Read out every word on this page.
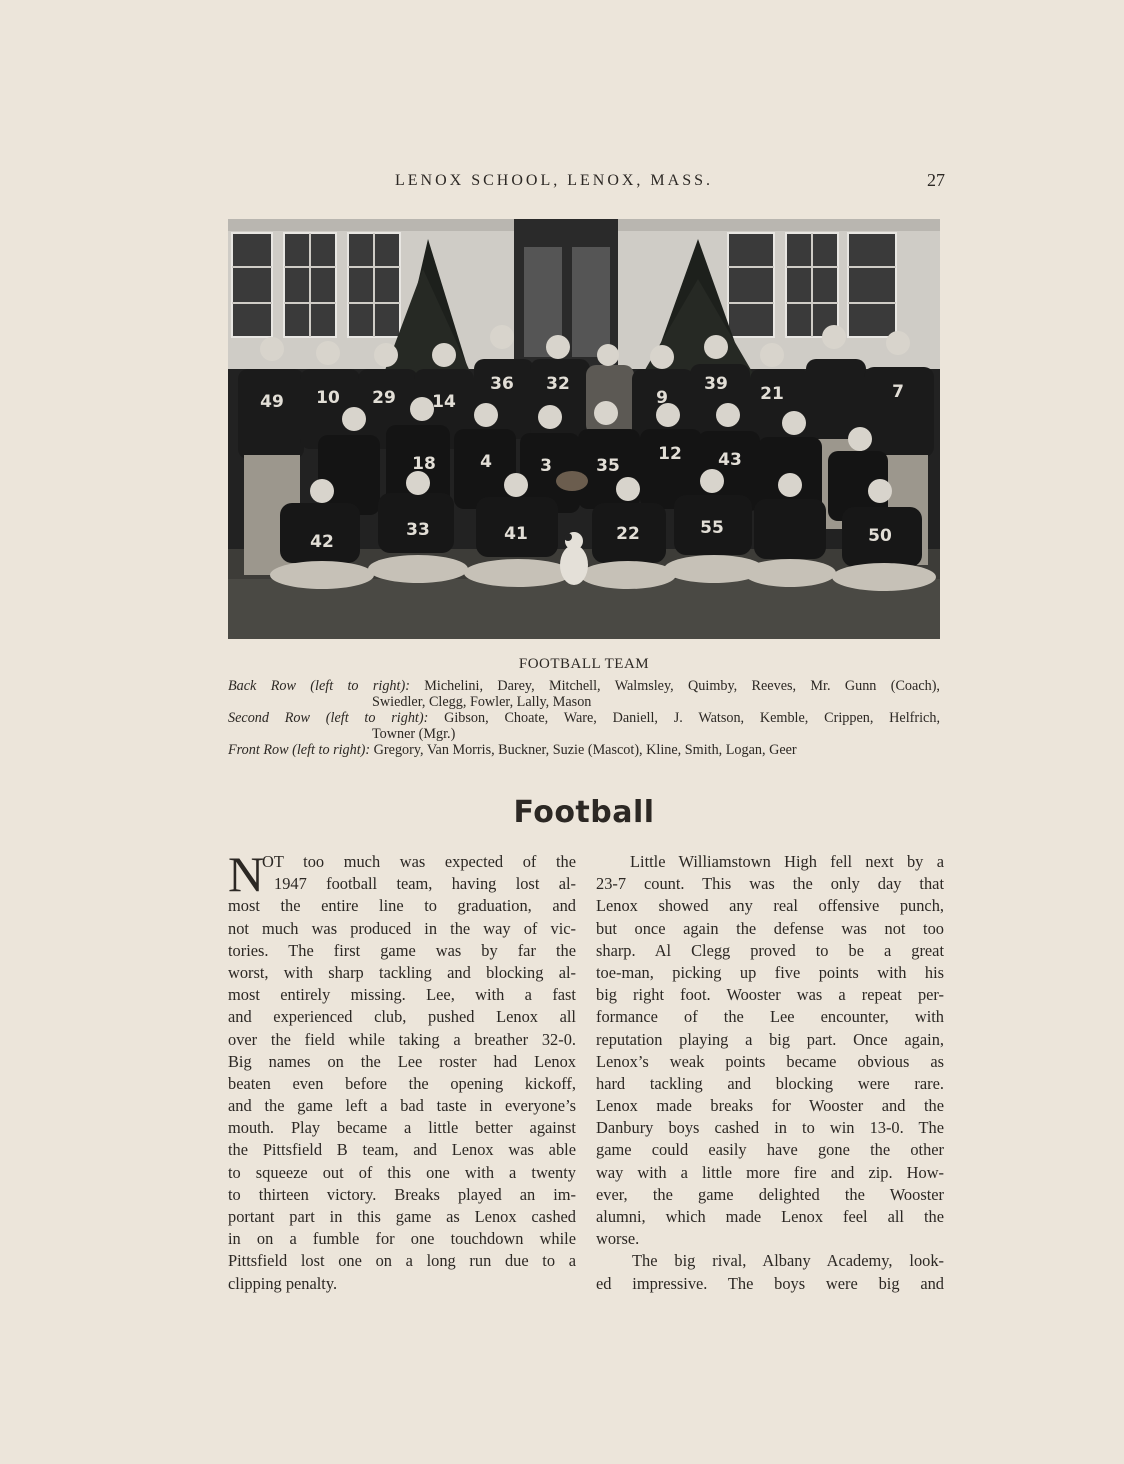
LENOX SCHOOL, LENOX, MASS.	27
49 10 29 14
36 32
9
39 21	7
18	4	3	35
12 43
42
33	41	22	55	50
FOOTBALL TEAM
Back Row (left to right): Michelini, Darey, Mitchell, Walmsley, Quimby, Reeves, Mr. Gunn (Coach),
Swiedler, Clegg, Fowler, Lally, Mason
Second Row (left to right): Gibson, Choate, Ware, Daniell, J. Watson, Kemble, Crippen, Helfrich,
Towner (Mgr.)
Front Row (left to right): Gregory, Van Morris, Buckner, Suzie (Mascot), Kline, Smith, Logan, Geer
Football
N
OT too much was expected of the
1947 football team, having lost al-
most the entire line to graduation, and
not much was produced in the way of vic-
tories. The first game was by far the
worst, with sharp tackling and blocking al-
most entirely missing. Lee, with a fast
and experienced club, pushed Lenox all
over the field while taking a breather 32-0.
Big names on the Lee roster had Lenox
beaten even before the opening kickoff,
and the game left a bad taste in everyone’s
mouth. Play became a little better against
the Pittsfield B team, and Lenox was able
to squeeze out of this one with a twenty
to thirteen victory. Breaks played an im-
portant part in this game as Lenox cashed
in on a fumble for one touchdown while
Pittsfield lost one on a long run due to a
clipping penalty.
Little Williamstown High fell next by a
23-7 count. This was the only day that
Lenox showed any real offensive punch,
but once again the defense was not too
sharp. Al Clegg proved to be a great
toe-man, picking up five points with his
big right foot. Wooster was a repeat per-
formance of the Lee encounter, with
reputation playing a big part. Once again,
Lenox’s weak points became obvious as
hard tackling and blocking were rare.
Lenox made breaks for Wooster and the
Danbury boys cashed in to win 13-0. The
game could easily have gone the other
way with a little more fire and zip. How-
ever, the game delighted the Wooster
alumni, which made Lenox feel all the
worse.
The big rival, Albany Academy, look-
ed impressive. The boys were big and
